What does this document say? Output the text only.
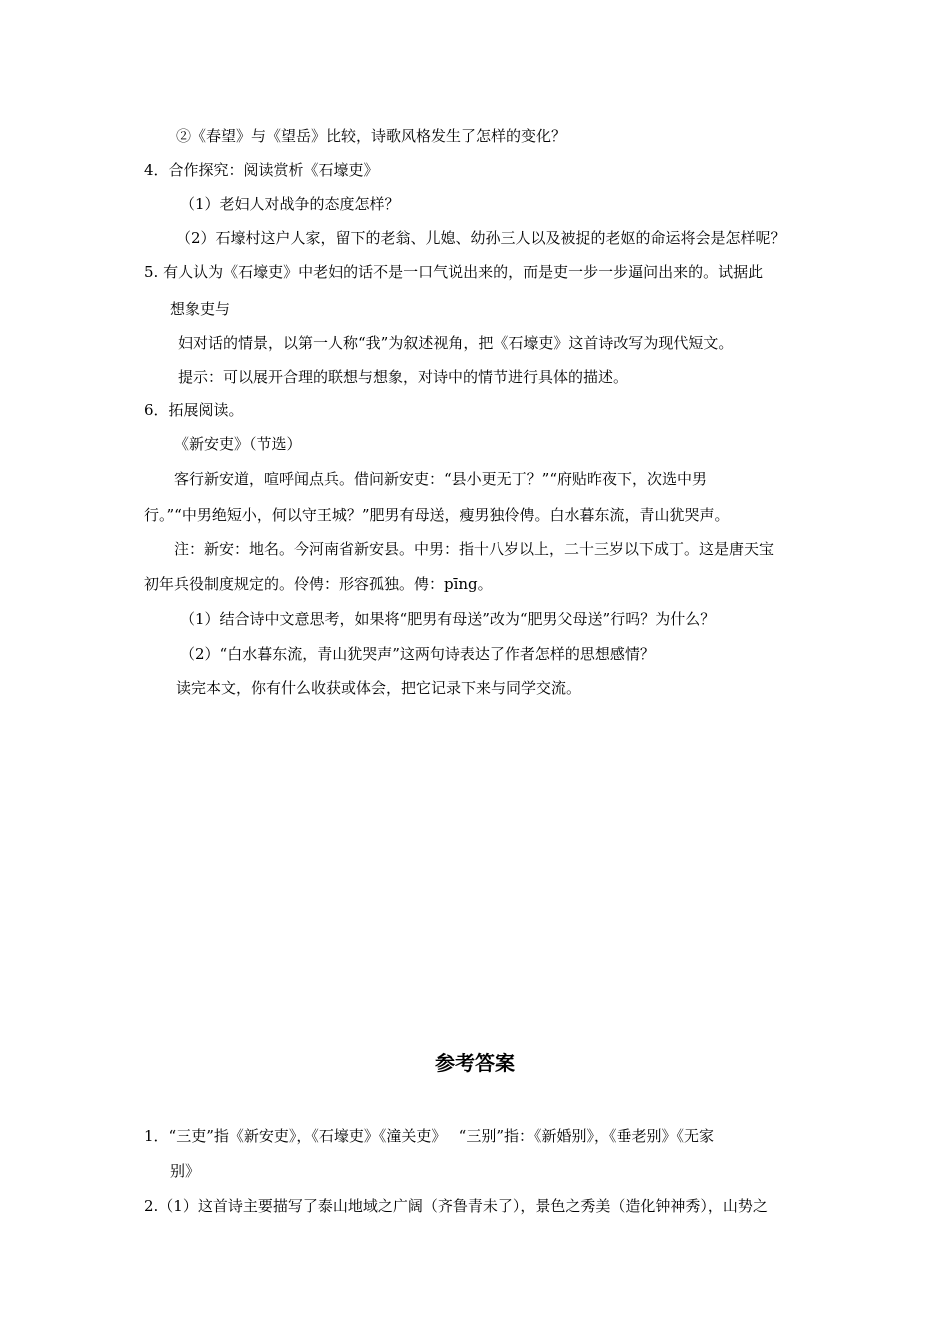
②《春望》与《望岳》比较，诗歌风格发生了怎样的变化？
4．合作探究：阅读赏析《石壕吏》
（1）老妇人对战争的态度怎样？
（2）石壕村这户人家，留下的老翁、儿媳、幼孙三人以及被捉的老妪的命运将会是怎样呢？
5. 有人认为《石壕吏》中老妇的话不是一口气说出来的，而是吏一步一步逼问出来的。试据此
想象吏与
妇对话的情景，以第一人称“我”为叙述视角，把《石壕吏》这首诗改写为现代短文。
提示：可以展开合理的联想与想象，对诗中的情节进行具体的描述。
6．拓展阅读。
《新安吏》（节选）
客行新安道，喧呼闻点兵。借问新安吏：“县小更无丁？”“府贴昨夜下，次选中男
行。”“中男绝短小，何以守王城？”肥男有母送，瘦男独伶俜。白水暮东流，青山犹哭声。
注：新安：地名。今河南省新安县。中男：指十八岁以上，二十三岁以下成丁。这是唐天宝
初年兵役制度规定的。伶俜：形容孤独。俜：pīng。
（1）结合诗中文意思考，如果将“肥男有母送”改为“肥男父母送”行吗？为什么？
（2）“白水暮东流，青山犹哭声”这两句诗表达了作者怎样的思想感情？
读完本文，你有什么收获或体会，把它记录下来与同学交流。
参考答案
1．“三吏”指《新安吏》，《石壕吏》《潼关吏》　 “三别”指：《新婚别》，《垂老别》《无家
别》
2.（1）这首诗主要描写了泰山地域之广阔（齐鲁青未了），景色之秀美（造化钟神秀），山势之
